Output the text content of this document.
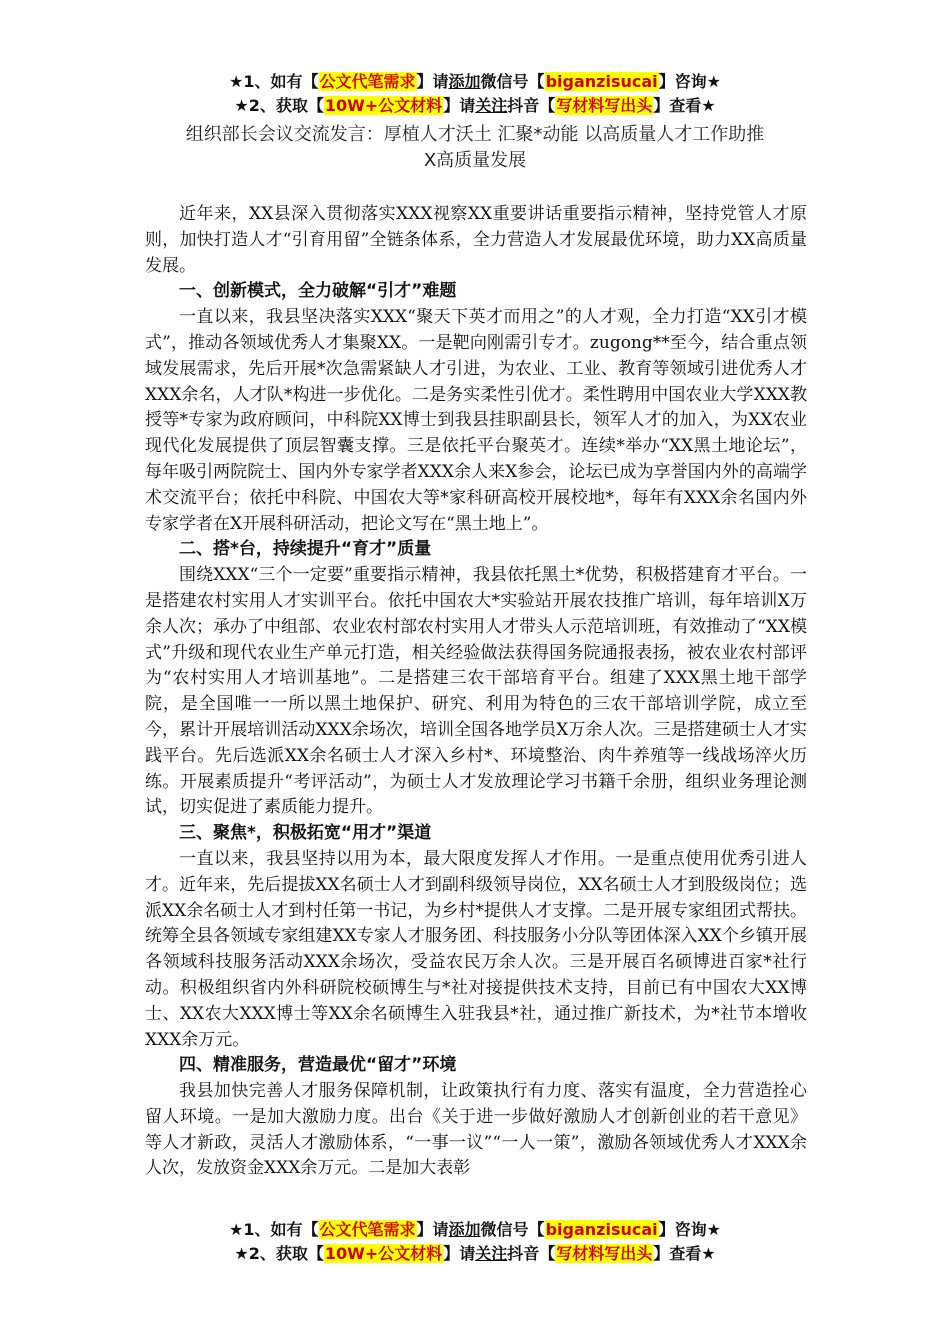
★1、如有【公文代笔需求】请添加微信号【biganzisucai】咨询★
★2、获取【10W+公文材料】请关注抖音【写材料写出头】查看★
组织部长会议交流发言：厚植人才沃土 汇聚*动能 以高质量人才工作助推
X高质量发展

近年来，XX县深入贯彻落实XXX视察XX重要讲话重要指示精神，坚持党管人才原则，加快打造人才“引育用留”全链条体系，全力营造人才发展最优环境，助力XX高质量发展。

一、创新模式，全力破解“引才”难题

一直以来，我县坚决落实XXX“聚天下英才而用之”的人才观，全力打造“XX引才模式”，推动各领域优秀人才集聚XX。一是靶向刚需引专才。zugong**至今，结合重点领域发展需求，先后开展*次急需紧缺人才引进，为农业、工业、教育等领域引进优秀人才XXX余名，人才队*构进一步优化。二是务实柔性引优才。柔性聘用中国农业大学XXX教授等*专家为政府顾问，中科院XX博士到我县挂职副县长，领军人才的加入，为XX农业现代化发展提供了顶层智囊支撑。三是依托平台聚英才。连续*举办“XX黑土地论坛”，每年吸引两院院士、国内外专家学者XXX余人来X参会，论坛已成为享誉国内外的高端学术交流平台；依托中科院、中国农大等*家科研高校开展校地*，每年有XXX余名国内外专家学者在X开展科研活动，把论文写在“黑土地上”。

二、搭*台，持续提升“育才”质量

围绕XXX“三个一定要”重要指示精神，我县依托黑土*优势，积极搭建育才平台。一是搭建农村实用人才实训平台。依托中国农大*实验站开展农技推广培训，每年培训X万余人次；承办了中组部、农业农村部农村实用人才带头人示范培训班，有效推动了“XX模式”升级和现代农业生产单元打造，相关经验做法获得国务院通报表扬，被农业农村部评为“农村实用人才培训基地”。二是搭建三农干部培育平台。组建了XXX黑土地干部学院，是全国唯一一所以黑土地保护、研究、利用为特色的三农干部培训学院，成立至今，累计开展培训活动XXX余场次，培训全国各地学员X万余人次。三是搭建硕士人才实践平台。先后选派XX余名硕士人才深入乡村*、环境整治、肉牛养殖等一线战场淬火历练。开展素质提升“考评活动”，为硕士人才发放理论学习书籍千余册，组织业务理论测试，切实促进了素质能力提升。

三、聚焦*，积极拓宽“用才”渠道

一直以来，我县坚持以用为本，最大限度发挥人才作用。一是重点使用优秀引进人才。近年来，先后提拔XX名硕士人才到副科级领导岗位，XX名硕士人才到股级岗位；选派XX余名硕士人才到村任第一书记，为乡村*提供人才支撑。二是开展专家组团式帮扶。统筹全县各领域专家组建XX专家人才服务团、科技服务小分队等团体深入XX个乡镇开展各领域科技服务活动XXX余场次，受益农民万余人次。三是开展百名硕博进百家*社行动。积极组织省内外科研院校硕博生与*社对接提供技术支持，目前已有中国农大XX博士、XX农大XXX博士等XX余名硕博生入驻我县*社，通过推广新技术，为*社节本增收XXX余万元。

四、精准服务，营造最优“留才”环境

我县加快完善人才服务保障机制，让政策执行有力度、落实有温度，全力营造拴心留人环境。一是加大激励力度。出台《关于进一步做好激励人才创新创业的若干意见》等人才新政，灵活人才激励体系，“一事一议”“一人一策”，激励各领域优秀人才XXX余人次，发放资金XXX余万元。二是加大表彰

★1、如有【公文代笔需求】请添加微信号【biganzisucai】咨询★
★2、获取【10W+公文材料】请关注抖音【写材料写出头】查看★
